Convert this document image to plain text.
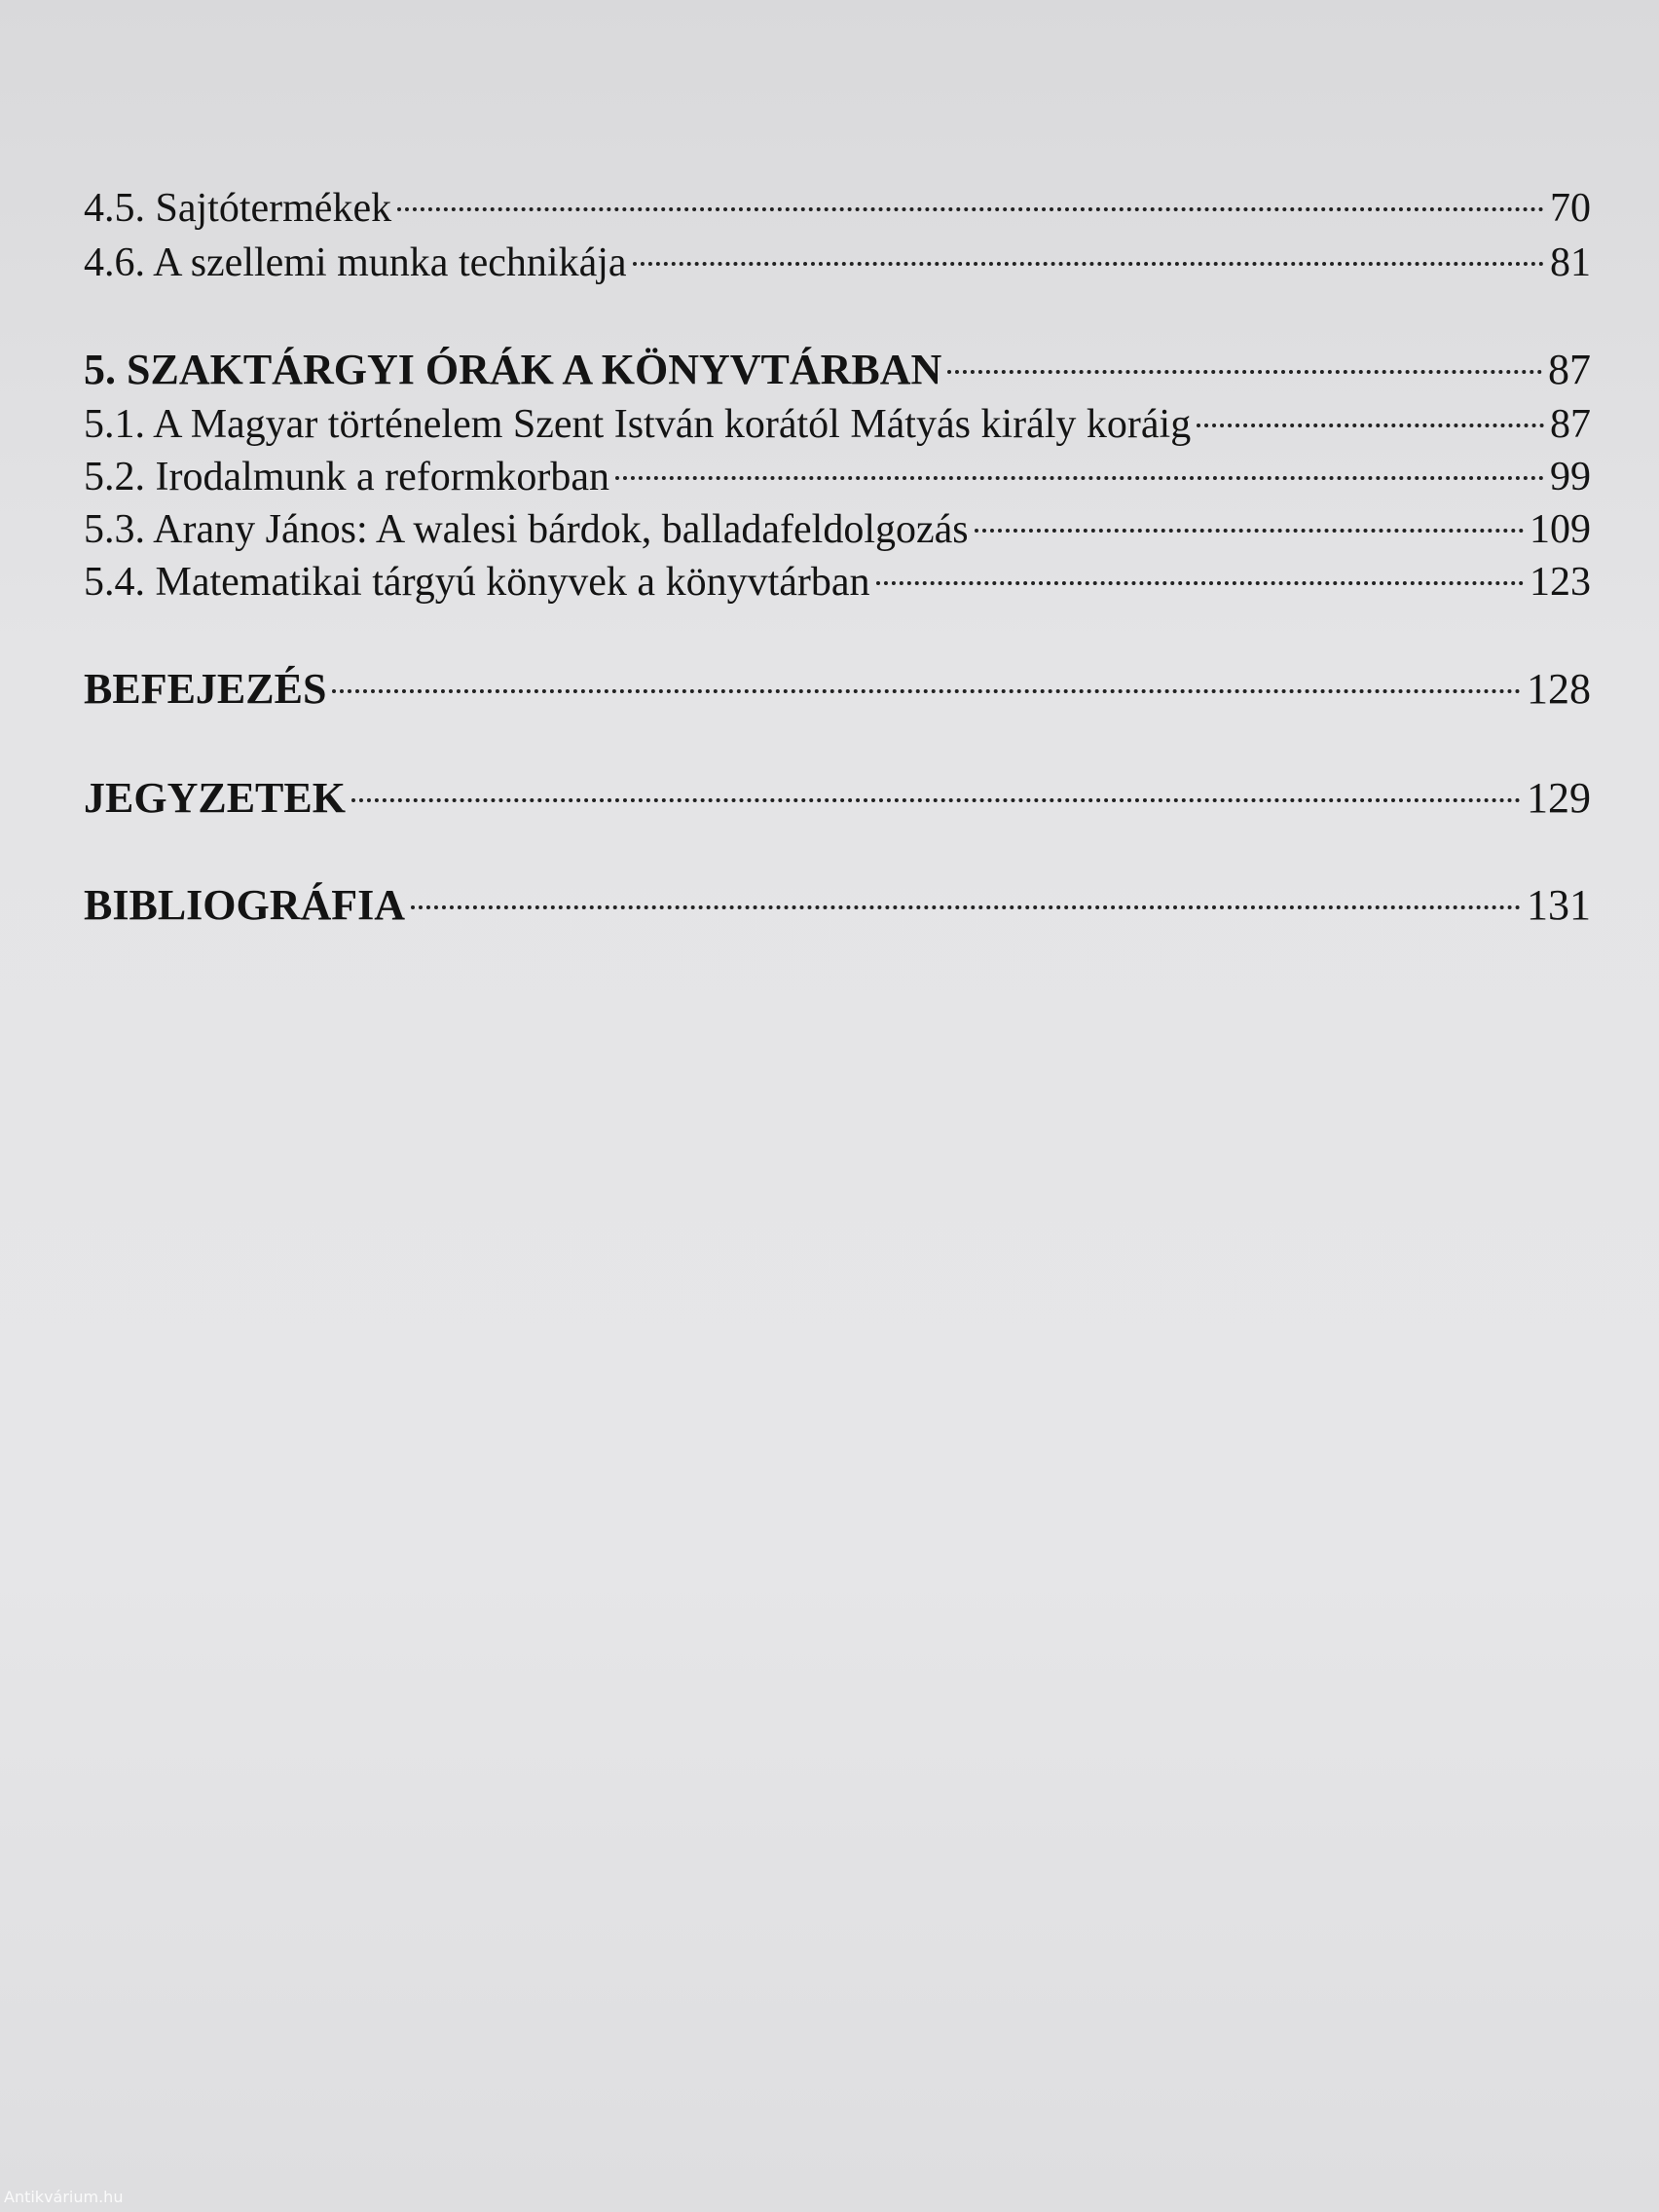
4.5. Sajtótermékek	70
4.6. A szellemi munka technikája	81
5. SZAKTÁRGYI ÓRÁK A KÖNYVTÁRBAN	87
5.1. A Magyar történelem Szent István korától Mátyás király koráig	87
5.2. Irodalmunk a reformkorban	99
5.3. Arany János: A walesi bárdok, balladafeldolgozás	109
5.4. Matematikai tárgyú könyvek a könyvtárban	123
BEFEJEZÉS	128
JEGYZETEK	129
BIBLIOGRÁFIA	131
Antikvárium.hu
